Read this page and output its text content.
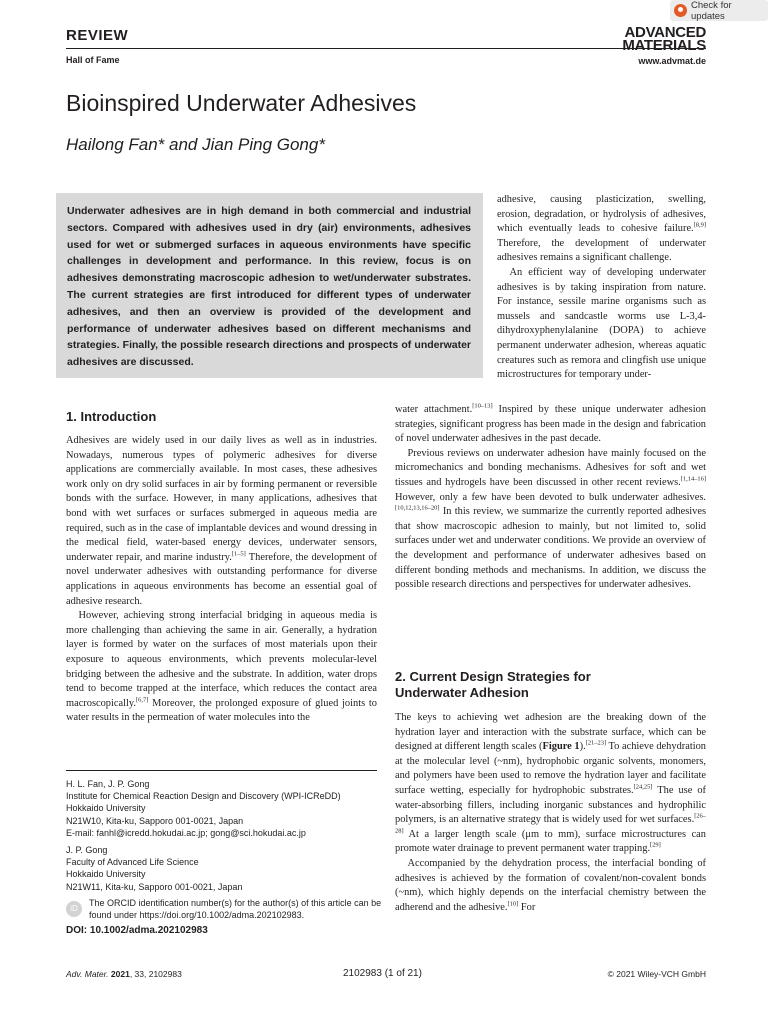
REVIEW
Hall of Fame
ADVANCED
MATERIALS
www.advmat.de
Check for updates
Bioinspired Underwater Adhesives
Hailong Fan* and Jian Ping Gong*
Underwater adhesives are in high demand in both commercial and industrial sectors. Compared with adhesives used in dry (air) environments, adhesives used for wet or submerged surfaces in aqueous environments have specific challenges in development and performance. In this review, focus is on adhesives demonstrating macroscopic adhesion to wet/underwater substrates. The current strategies are first introduced for different types of underwater adhesives, and then an overview is provided of the development and performance of underwater adhesives based on different mechanisms and strategies. Finally, the possible research directions and prospects of underwater adhesives are discussed.

adhesive, causing plasticization, swelling, erosion, degradation, or hydrolysis of adhesives, which eventually leads to cohesive failure.[8,9] Therefore, the development of underwater adhesives remains a significant challenge.

An efficient way of developing underwater adhesives is by taking inspiration from nature. For instance, sessile marine organisms such as mussels and sandcastle worms use L-3,4-dihydroxyphenylalanine (DOPA) to achieve permanent underwater adhesion, whereas aquatic creatures such as remora and clingfish use unique microstructures for temporary under-

water attachment.[10–13] Inspired by these unique underwater adhesion strategies, significant progress has been made in the design and fabrication of novel underwater adhesives in the past decade.

Previous reviews on underwater adhesion have mainly focused on the micromechanics and bonding mechanisms. Adhesives for soft and wet tissues and hydrogels have been discussed in other recent reviews.[1,14–16] However, only a few have been devoted to bulk underwater adhesives.[10,12,13,16–20] In this review, we summarize the currently reported adhesives that show macroscopic adhesion to mainly, but not limited to, solid surfaces under wet and underwater conditions. We provide an overview of the development and performance of underwater adhesives based on different bonding methods and mechanisms. In addition, we discuss the possible research directions and perspectives for underwater adhesives.

2. Current Design Strategies for
Underwater Adhesion

The keys to achieving wet adhesion are the breaking down of the hydration layer and interaction with the substrate surface, which can be designed at different length scales (Figure 1).[21–23] To achieve dehydration at the molecular level (~nm), hydrophobic organic solvents, monomers, and polymers have been used to remove the hydration layer and facilitate surface wetting, especially for hydrophobic substrates.[24,25] The use of water-absorbing fillers, including inorganic substances and hydrophilic polymers, is an alternative strategy that is widely used for wet surfaces.[26–28] At a larger length scale (μm to mm), surface microstructures can promote water drainage to prevent permanent water trapping.[29]

Accompanied by the dehydration process, the interfacial bonding of adhesives is achieved by the formation of covalent/non-covalent bonds (~nm), which highly depends on the interfacial chemistry between the adherend and the adhesive.[10] For

1. Introduction

Adhesives are widely used in our daily lives as well as in industries. Nowadays, numerous types of polymeric adhesives for diverse applications are commercially available. In most cases, these adhesives work only on dry solid surfaces in air by forming permanent or reversible bonds with the surface. However, in many applications, adhesives that bond with wet surfaces or surfaces submerged in aqueous media are required, such as in the case of implantable devices and wound dressing in the medical field, water-based energy devices, underwater sensors, underwater repair, and marine industry.[1–5] Therefore, the development of novel underwater adhesives with outstanding performance for diverse applications in aqueous environments has become an essential goal of adhesive research.

However, achieving strong interfacial bridging in aqueous media is more challenging than achieving the same in air. Generally, a hydration layer is formed by water on the surfaces of most materials upon their exposure to aqueous environments, which prevents molecular-level bridging between the adhesive and the substrate. In addition, water drops tend to become trapped at the interface, which reduces the contact area macroscopically.[6,7] Moreover, the prolonged exposure of glued joints to water results in the permeation of water molecules into the

H. L. Fan, J. P. Gong
Institute for Chemical Reaction Design and Discovery (WPI-ICReDD)
Hokkaido University
N21W10, Kita-ku, Sapporo 001-0021, Japan
E-mail: fanhl@icredd.hokudai.ac.jp; gong@sci.hokudai.ac.jp
J. P. Gong
Faculty of Advanced Life Science
Hokkaido University
N21W11, Kita-ku, Sapporo 001-0021, Japan
iD
The ORCID identification number(s) for the author(s) of this article can be found under https://doi.org/10.1002/adma.202102983.
DOI: 10.1002/adma.202102983
Adv. Mater. 2021, 33, 2102983	2102983 (1 of 21)	© 2021 Wiley-VCH GmbH
